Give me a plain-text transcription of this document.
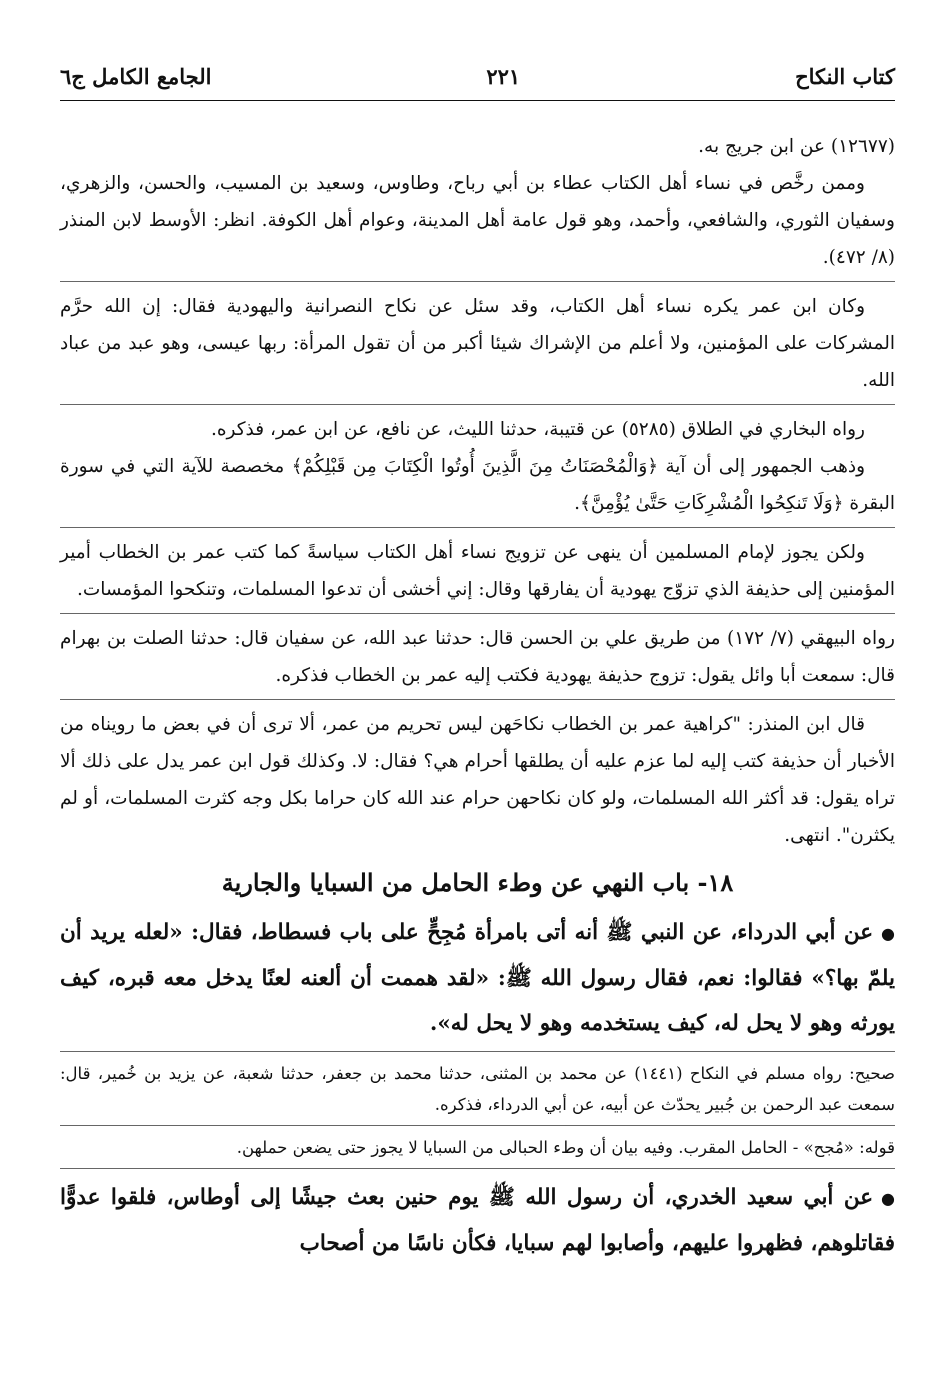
كتاب النكاح
٢٢١
الجامع الكامل ج٦

(١٢٦٧٧) عن ابن جريج به.

وممن رخَّص في نساء أهل الكتاب عطاء بن أبي رباح، وطاوس، وسعيد بن المسيب، والحسن، والزهري، وسفيان الثوري، والشافعي، وأحمد، وهو قول عامة أهل المدينة، وعوام أهل الكوفة. انظر: الأوسط لابن المنذر (٨/ ٤٧٢).

وكان ابن عمر يكره نساء أهل الكتاب، وقد سئل عن نكاح النصرانية واليهودية فقال: إن الله حرَّم المشركات على المؤمنين، ولا أعلم من الإشراك شيئا أكبر من أن تقول المرأة: ربها عيسى، وهو عبد من عباد الله.

رواه البخاري في الطلاق (٥٢٨٥) عن قتيبة، حدثنا الليث، عن نافع، عن ابن عمر، فذكره.

وذهب الجمهور إلى أن آية ﴿وَالْمُحْصَنَاتُ مِنَ الَّذِينَ أُوتُوا الْكِتَابَ مِن قَبْلِكُمْ﴾ مخصصة للآية التي في سورة البقرة ﴿وَلَا تَنكِحُوا الْمُشْرِكَاتِ حَتَّىٰ يُؤْمِنَّ﴾.

ولكن يجوز لإمام المسلمين أن ينهى عن تزويج نساء أهل الكتاب سياسةً كما كتب عمر بن الخطاب أمير المؤمنين إلى حذيفة الذي تزوّج يهودية أن يفارقها وقال: إني أخشى أن تدعوا المسلمات، وتنكحوا المؤمسات.

رواه البيهقي (٧/ ١٧٢) من طريق علي بن الحسن قال: حدثنا عبد الله، عن سفيان قال: حدثنا الصلت بن بهرام قال: سمعت أبا وائل يقول: تزوج حذيفة يهودية فكتب إليه عمر بن الخطاب فذكره.

قال ابن المنذر: "كراهية عمر بن الخطاب نكاحَهن ليس تحريم من عمر، ألا ترى أن في بعض ما رويناه من الأخبار أن حذيفة كتب إليه لما عزم عليه أن يطلقها أحرام هي؟ فقال: لا. وكذلك قول ابن عمر يدل على ذلك ألا تراه يقول: قد أكثر الله المسلمات، ولو كان نكاحهن حرام عند الله كان حراما بكل وجه كثرت المسلمات، أو لم يكثرن". انتهى.

١٨- باب النهي عن وطء الحامل من السبايا والجارية

●عن أبي الدرداء، عن النبي ﷺ أنه أتى بامرأة مُجِحٍّ على باب فسطاط، فقال: «لعله يريد أن يلمّ بها؟» فقالوا: نعم، فقال رسول الله ﷺ: «لقد هممت أن ألعنه لعنًا يدخل معه قبره، كيف يورثه وهو لا يحل له، كيف يستخدمه وهو لا يحل له».

صحيح: رواه مسلم في النكاح (١٤٤١) عن محمد بن المثنى، حدثنا محمد بن جعفر، حدثنا شعبة، عن يزيد بن خُمير، قال: سمعت عبد الرحمن بن جُبير يحدّث عن أبيه، عن أبي الدرداء، فذكره.

قوله: «مُجح» - الحامل المقرب. وفيه بيان أن وطء الحبالى من السبايا لا يجوز حتى يضعن حملهن.

●عن أبي سعيد الخدري، أن رسول الله ﷺ يوم حنين بعث جيشًا إلى أوطاس، فلقوا عدوًّا فقاتلوهم، فظهروا عليهم، وأصابوا لهم سبايا، فكأن ناسًا من أصحاب
